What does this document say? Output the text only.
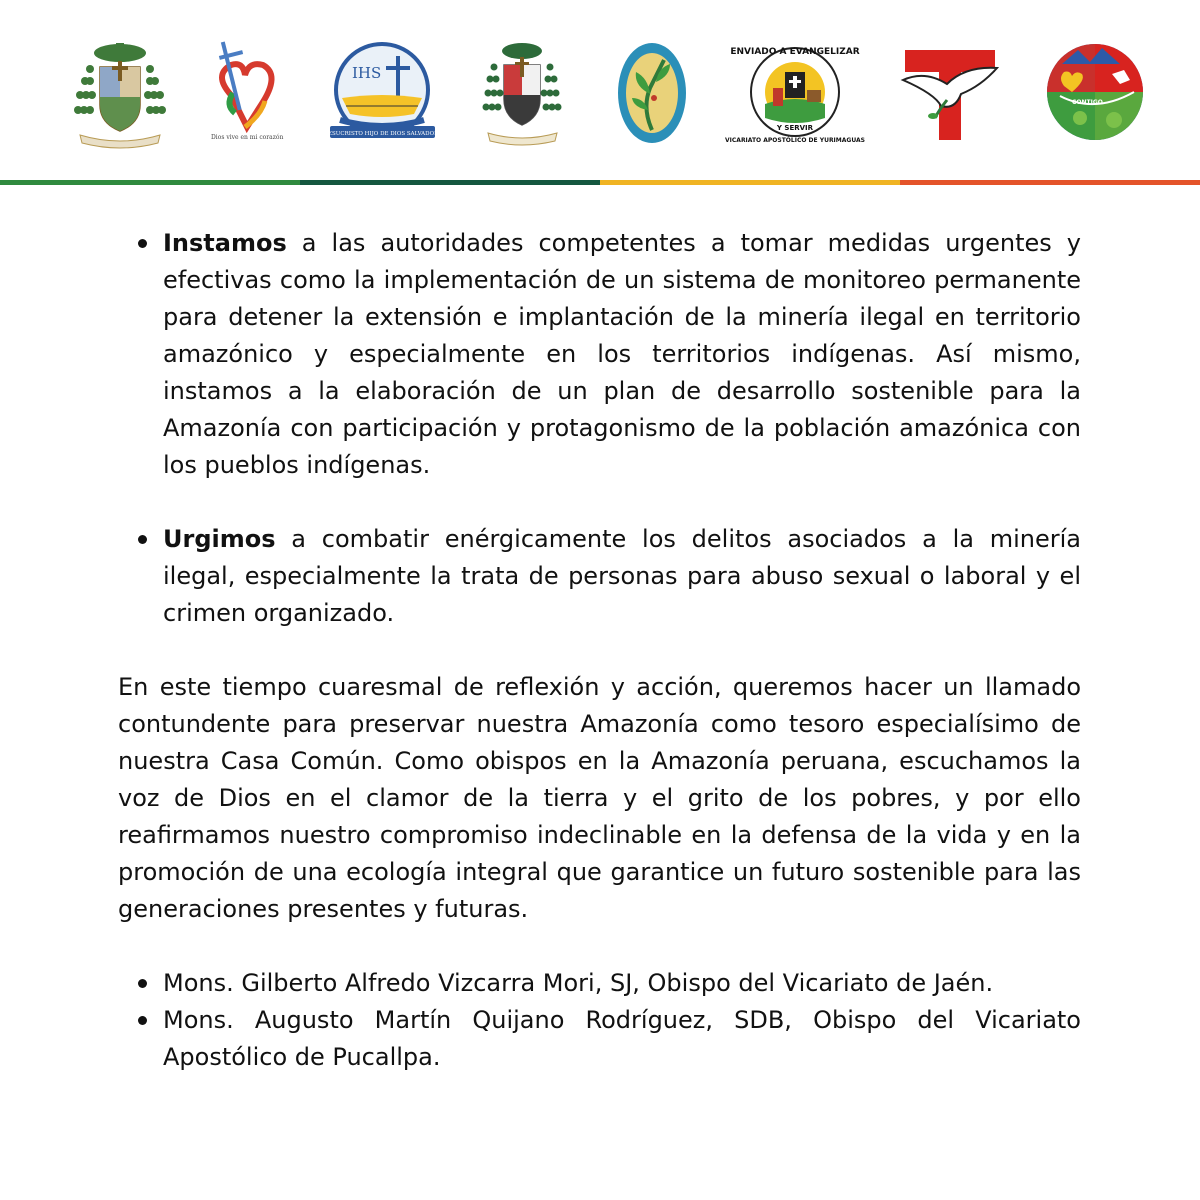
Dios vive en mi corazón
IHS
JESUCRISTO HIJO DE DIOS SALVADOR
ENVIADO A EVANGELIZAR
Y SERVIR
VICARIATO APOSTÓLICO DE YURIMAGUAS
CONTIGO
Instamos a las autoridades competentes a tomar medidas urgentes y efectivas como la implementación de un sistema de monitoreo permanente para detener la extensión e implantación de la minería ilegal en territorio amazónico y especialmente en los territorios indígenas. Así mismo, instamos a la elaboración de un plan de desarrollo sostenible para la Amazonía con participación y protagonismo de la población amazónica con los pueblos indígenas.
Urgimos a combatir enérgicamente los delitos asociados a la minería ilegal, especialmente la trata de personas para abuso sexual o laboral y el crimen organizado.

En este tiempo cuaresmal de reflexión y acción, queremos hacer un llamado contundente para preservar nuestra Amazonía como tesoro especialísimo de nuestra Casa Común. Como obispos en la Amazonía peruana, escuchamos la voz de Dios en el clamor de la tierra y el grito de los pobres, y por ello reafirmamos nuestro compromiso indeclinable en la defensa de la vida y en la promoción de una ecología integral que garantice un futuro sostenible para las generaciones presentes y futuras.

Mons. Gilberto Alfredo Vizcarra Mori, SJ, Obispo del Vicariato de Jaén.
Mons. Augusto Martín Quijano Rodríguez, SDB, Obispo del Vicariato Apostólico de Pucallpa.
